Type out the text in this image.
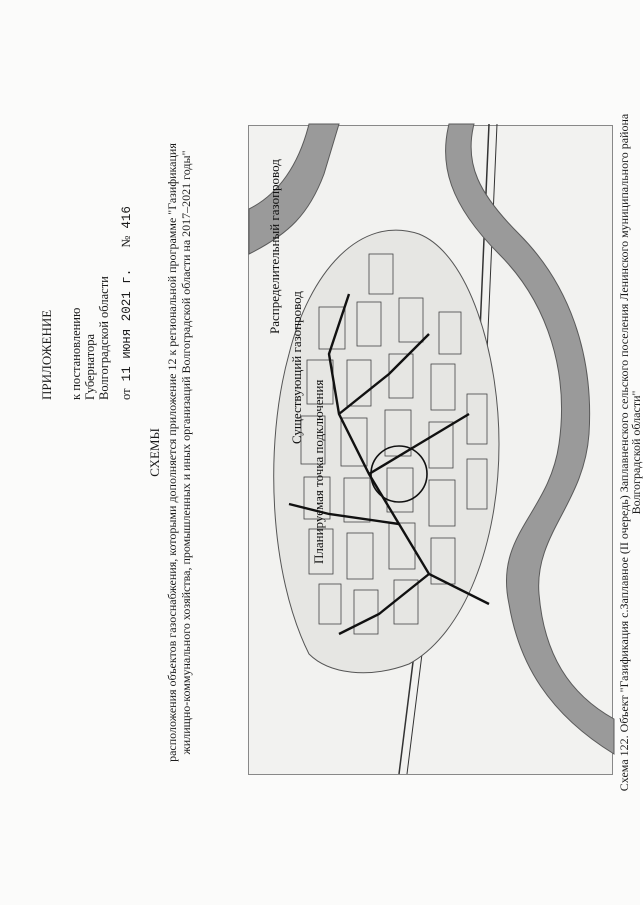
ПРИЛОЖЕНИЕ к постановлению Губернатора Волгоградской области от 11 июня 2021 г. № 416
СХЕМЫ расположения объектов газоснабжения, которыми дополняется приложение 12 к региональной программе "Газификация жилищно-коммунального хозяйства, промышленных и иных организаций Волгоградской области на 2017–2021 годы"	Распределительный газопровод
Существующий газопровод
Планируемая точка подключения	Схема 122. Объект "Газификация с.Заплавное (II очередь) Заплавненского сельского поселения Ленинского муниципального района
Волгоградской области"
